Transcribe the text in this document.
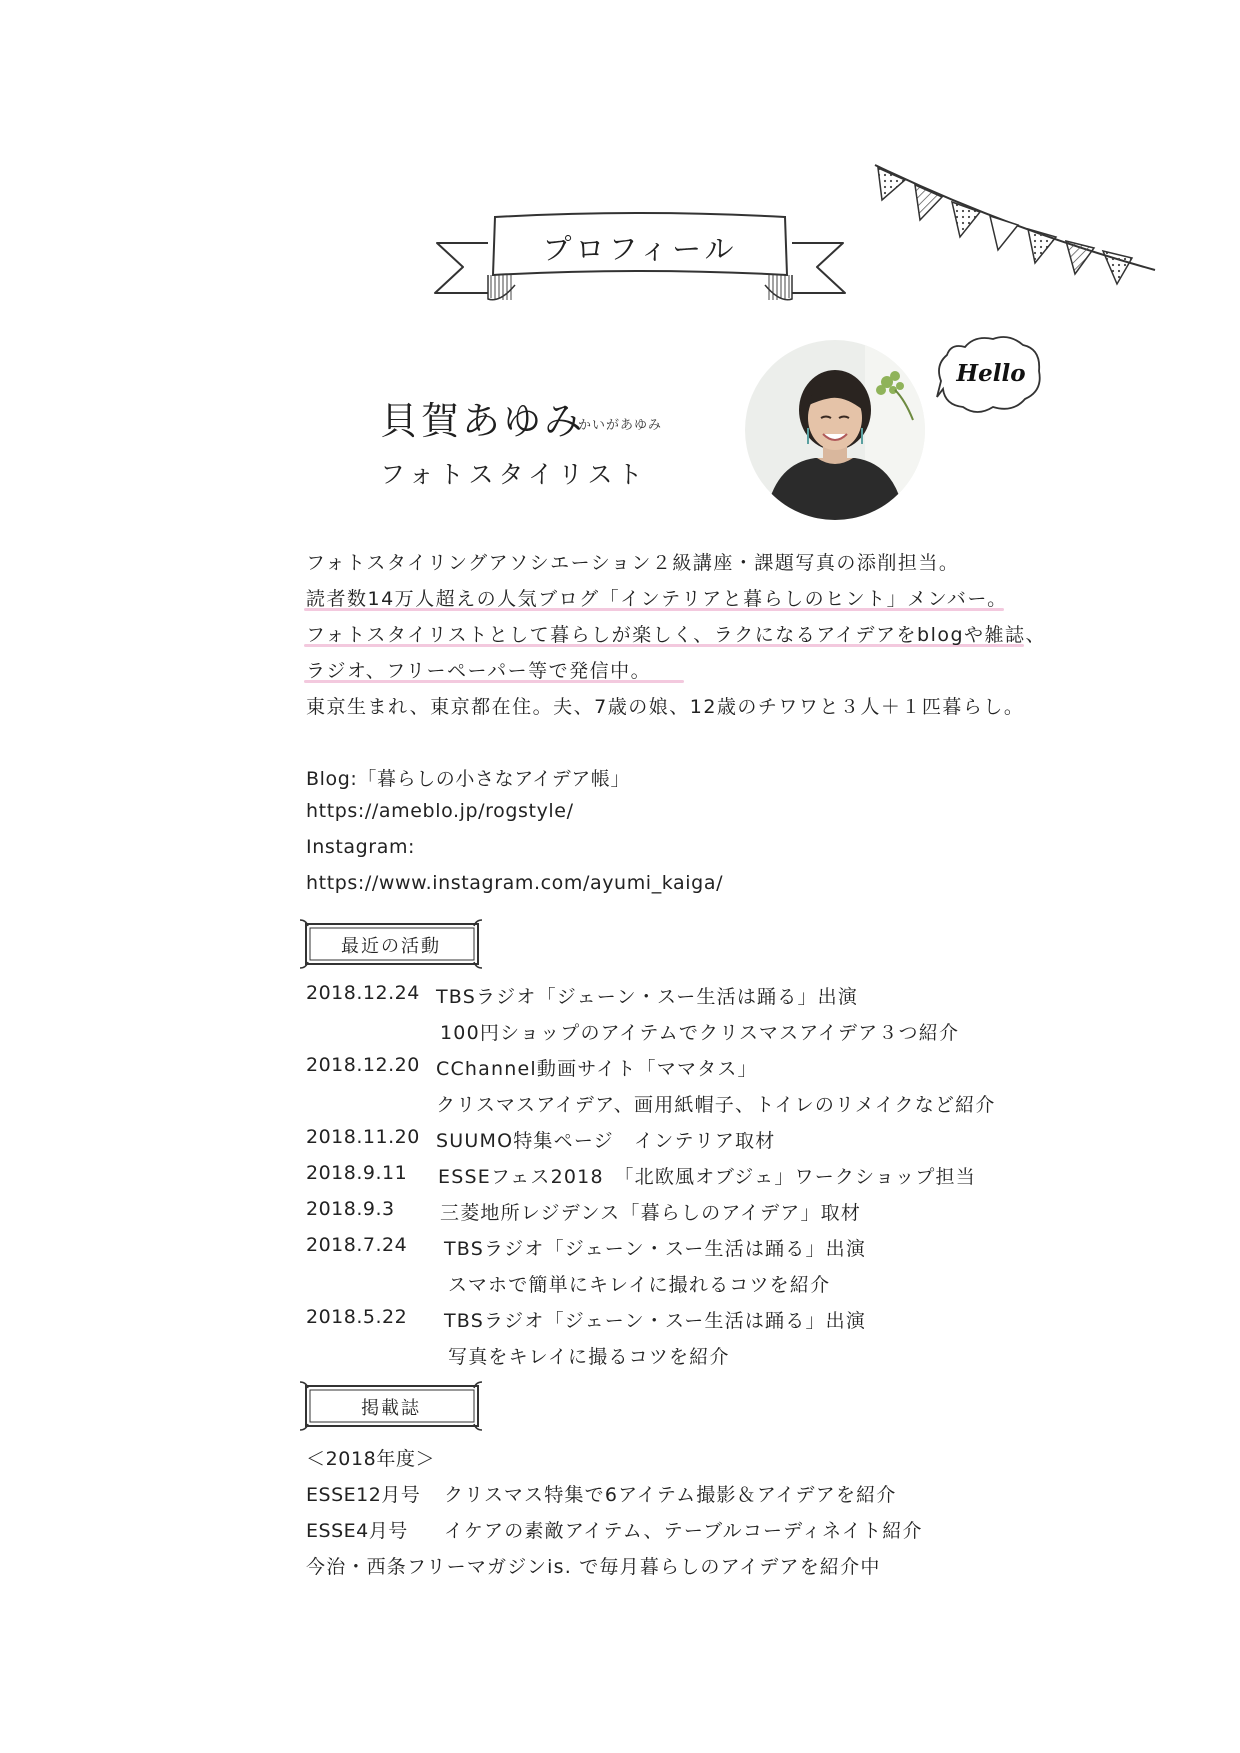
プロフィール
貝賀あゆみ
かいがあゆみ
フォトスタイリスト
Hello
フォトスタイリングアソシエーション２級講座・課題写真の添削担当。
読者数14万人超えの人気ブログ「インテリアと暮らしのヒント」メンバー。
フォトスタイリストとして暮らしが楽しく、ラクになるアイデアをblogや雑誌、
ラジオ、フリーペーパー等で発信中。
東京生まれ、東京都在住。夫、7歳の娘、12歳のチワワと３人＋１匹暮らし。
Blog:「暮らしの小さなアイデア帳」
https://ameblo.jp/rogstyle/
Instagram:
https://www.instagram.com/ayumi_kaiga/
最近の活動
2018.12.24 TBSラジオ「ジェーン・スー生活は踊る」出演
100円ショップのアイテムでクリスマスアイデア３つ紹介
2018.12.20 CChannel動画サイト「ママタス」
クリスマスアイデア、画用紙帽子、トイレのリメイクなど紹介
2018.11.20 SUUMO特集ページ　インテリア取材
2018.9.11 ESSEフェス2018　「北欧風オブジェ」ワークショップ担当
2018.9.3 三菱地所レジデンス「暮らしのアイデア」取材
2018.7.24 TBSラジオ「ジェーン・スー生活は踊る」出演
スマホで簡単にキレイに撮れるコツを紹介
2018.5.22 TBSラジオ「ジェーン・スー生活は踊る」出演
写真をキレイに撮るコツを紹介
掲載誌
＜2018年度＞
ESSE12月号 クリスマス特集で6アイテム撮影＆アイデアを紹介
ESSE4月号 イケアの素敵アイテム、テーブルコーディネイト紹介
今治・西条フリーマガジンis. で毎月暮らしのアイデアを紹介中
